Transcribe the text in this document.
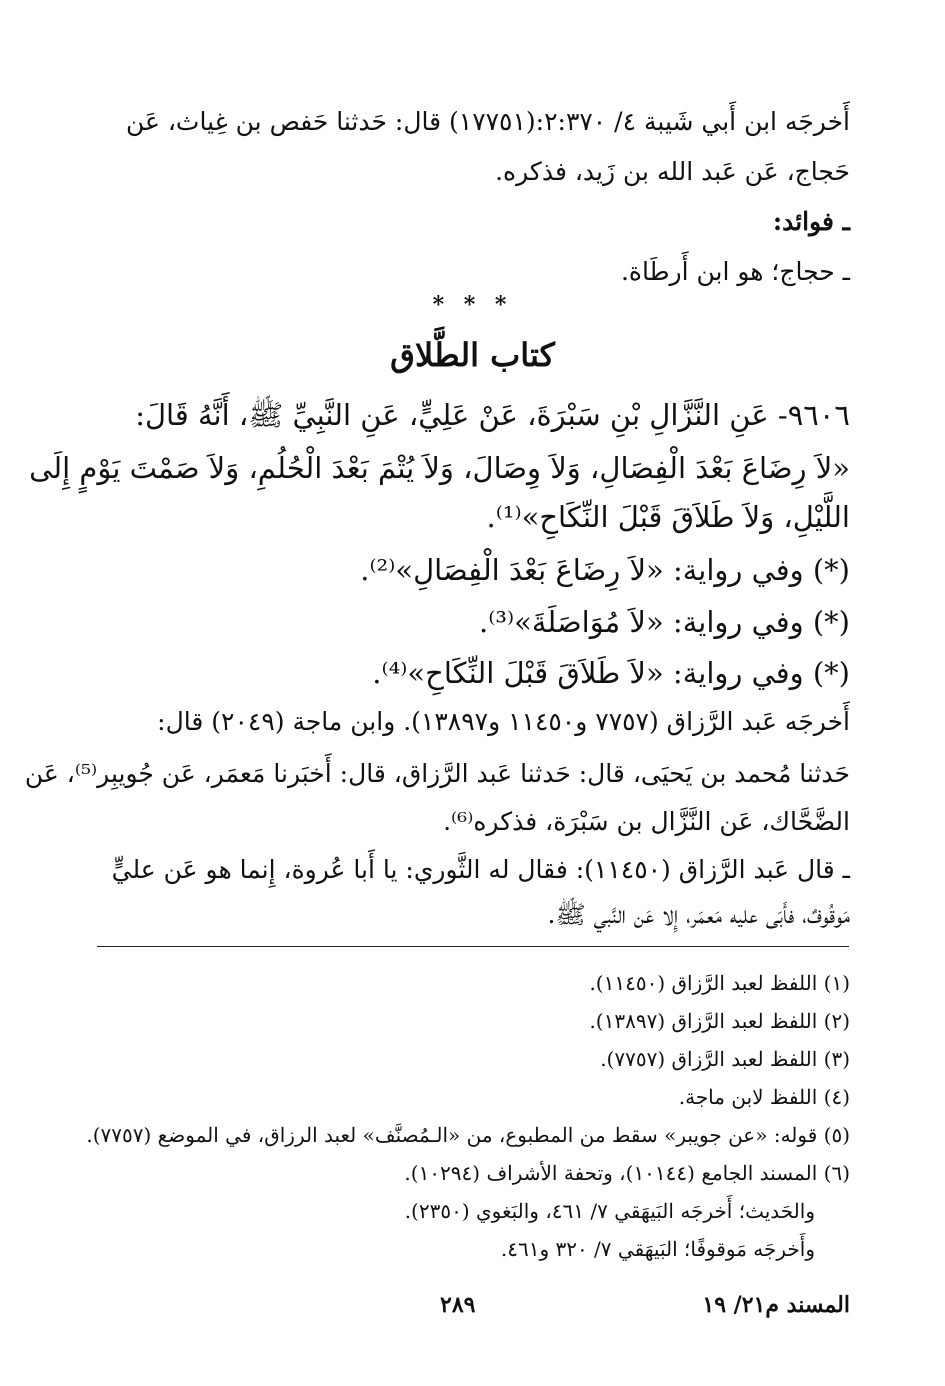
أَخرجَه ابن أَبي شَيبة ٤/ ٢:٣٧٠:(١٧٧٥١) قال: حَدثنا حَفص بن غِياث، عَن
حَجاج، عَن عَبد الله بن زَيد، فذكره.
ـ فوائد:
ـ حجاج؛ هو ابن أَرطَاة.
* * *
كتاب الطَّلاق
٩٦٠٦- عَنِ النَّزَّالِ بْنِ سَبْرَةَ، عَنْ عَلِيٍّ، عَنِ النَّبِيِّ ﷺ، أَنَّهُ قَالَ:
«لاَ رِضَاعَ بَعْدَ الْفِصَالِ، وَلاَ وِصَالَ، وَلاَ يُتْمَ بَعْدَ الْحُلُمِ، وَلاَ صَمْتَ يَوْمٍ إِلَى
اللَّيْلِ، وَلاَ طَلاَقَ قَبْلَ النِّكَاحِ»⁽¹⁾.
(*) وفي رواية: «لاَ رِضَاعَ بَعْدَ الْفِصَالِ»⁽²⁾.
(*) وفي رواية: «لاَ مُوَاصَلَةَ»⁽³⁾.
(*) وفي رواية: «لاَ طَلاَقَ قَبْلَ النِّكَاحِ»⁽⁴⁾.
أَخرجَه عَبد الرَّزاق (٧٧٥٧ و١١٤٥٠ و١٣٨٩٧). وابن ماجة (٢٠٤٩) قال:
حَدثنا مُحمد بن يَحيَى، قال: حَدثنا عَبد الرَّزاق، قال: أَخبَرنا مَعمَر، عَن جُويبِر⁽⁵⁾، عَن
الضَّحَّاك، عَن النَّزَّال بن سَبْرَة، فذكره⁽⁶⁾.
ـ قال عَبد الرَّزاق (١١٤٥٠): فقال له الثَّوري: يا أَبا عُروة، إِنما هو عَن عليٍّ
مَوقُوفٌ، فأَبَى عليه مَعمَر، إِلا عَن النَّبي ﷺ.
(١) اللفظ لعبد الرَّزاق (١١٤٥٠).
(٢) اللفظ لعبد الرَّزاق (١٣٨٩٧).
(٣) اللفظ لعبد الرَّزاق (٧٧٥٧).
(٤) اللفظ لابن ماجة.
(٥) قوله: «عن جويبر» سقط من المطبوع، من «الـمُصنَّف» لعبد الرزاق، في الموضع (٧٧٥٧).
(٦) المسند الجامع (١٠١٤٤)، وتحفة الأشراف (١٠٢٩٤).
والحَديث؛ أَخرجَه البَيهَقي ٧/ ٤٦١، والبَغوي (٢٣٥٠).
وأَخرجَه مَوقوفًا؛ البَيهَقي ٧/ ٣٢٠ و٤٦١.
المسند م٢١/ ١٩
٢٨٩
